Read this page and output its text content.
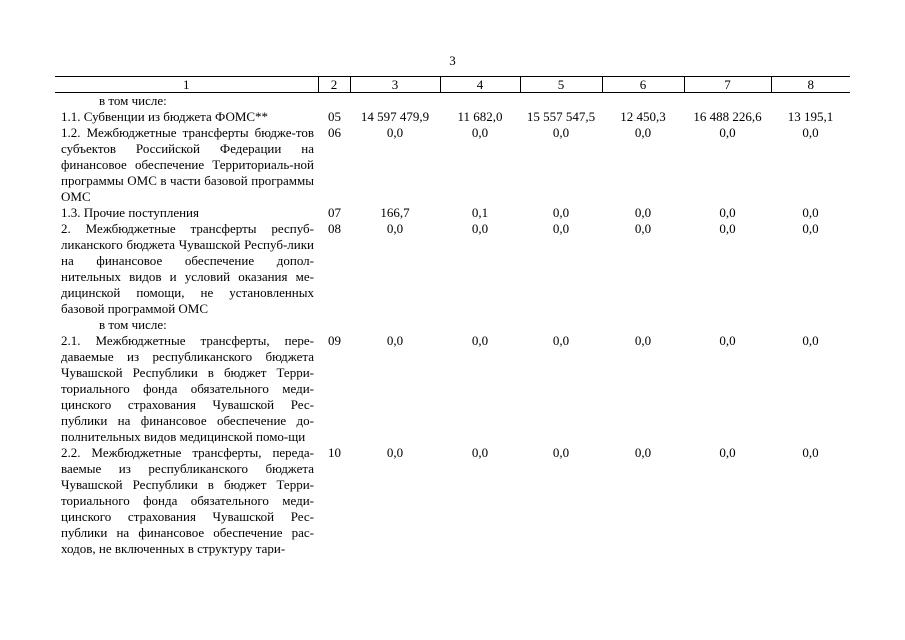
3
1	2	3	4	5	6	7	8

в том числе:							

1.1. Субвенции из бюджета ФОМС**	05	14 597 479,9	11 682,0	15 557 547,5	12 450,3	16 488 226,6	13 195,1

1.2. Межбюджетные трансферты бюдже-тов субъектов Российской Федерации на финансовое обеспечение Территориаль-ной программы ОМС в части базовой программы ОМС	06	0,0	0,0	0,0	0,0	0,0	0,0

1.3. Прочие поступления	07	166,7	0,1	0,0	0,0	0,0	0,0

2. Межбюджетные трансферты респуб-ликанского бюджета Чувашской Респуб-лики на финансовое обеспечение допол-нительных видов и условий оказания ме-дицинской помощи, не установленных базовой программой ОМС	08	0,0	0,0	0,0	0,0	0,0	0,0

в том числе:							

2.1. Межбюджетные трансферты, пере-даваемые из республиканского бюджета Чувашской Республики в бюджет Терри-ториального фонда обязательного меди-цинского страхования Чувашской Рес-публики на финансовое обеспечение до-полнительных видов медицинской помо-щи	09	0,0	0,0	0,0	0,0	0,0	0,0

2.2. Межбюджетные трансферты, переда-ваемые из республиканского бюджета Чувашской Республики в бюджет Терри-ториального фонда обязательного меди-цинского страхования Чувашской Рес-публики на финансовое обеспечение рас-ходов, не включенных в структуру тари-	10	0,0	0,0	0,0	0,0	0,0	0,0
